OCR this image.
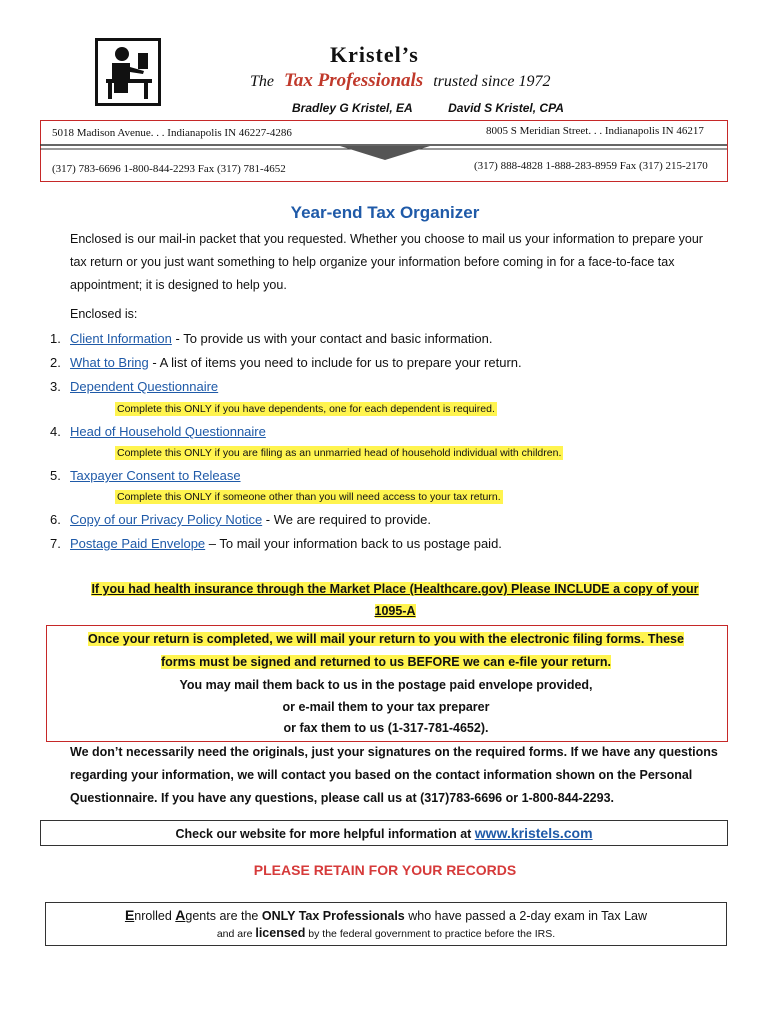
Kristel’s
The Tax Professionals trusted since 1972
Bradley G Kristel, EA	David S Kristel, CPA
5018 Madison Avenue. . . Indianapolis IN 46227-4286	8005 S Meridian Street. . . Indianapolis IN 46217
(317) 783-6696 1-800-844-2293 Fax (317) 781-4652	(317) 888-4828 1-888-283-8959 Fax (317) 215-2170
Year-end Tax Organizer
Enclosed is our mail-in packet that you requested. Whether you choose to mail us your information to prepare your tax return or you just want something to help organize your information before coming in for a face-to-face tax appointment; it is designed to help you.
Enclosed is:
1. Client Information - To provide us with your contact and basic information.
2. What to Bring - A list of items you need to include for us to prepare your return.
3. Dependent Questionnaire
Complete this ONLY if you have dependents, one for each dependent is required.
4. Head of Household Questionnaire
Complete this ONLY if you are filing as an unmarried head of household individual with children.
5. Taxpayer Consent to Release
Complete this ONLY if someone other than you will need access to your tax return.
6. Copy of our Privacy Policy Notice - We are required to provide.
7. Postage Paid Envelope – To mail your information back to us postage paid.
If you had health insurance through the Market Place (Healthcare.gov) Please INCLUDE a copy of your
1095-A
Once your return is completed, we will mail your return to you with the electronic filing forms. These
forms must be signed and returned to us BEFORE we can e-file your return.
You may mail them back to us in the postage paid envelope provided,
or e-mail them to your tax preparer
or fax them to us (1-317-781-4652).
We don’t necessarily need the originals, just your signatures on the required forms. If we have any questions regarding your information, we will contact you based on the contact information shown on the Personal Questionnaire. If you have any questions, please call us at (317)783-6696 or 1-800-844-2293.
Check our website for more helpful information at www.kristels.com
PLEASE RETAIN FOR YOUR RECORDS
Enrolled Agents are the ONLY Tax Professionals who have passed a 2-day exam in Tax Law
and are licensed by the federal government to practice before the IRS.
